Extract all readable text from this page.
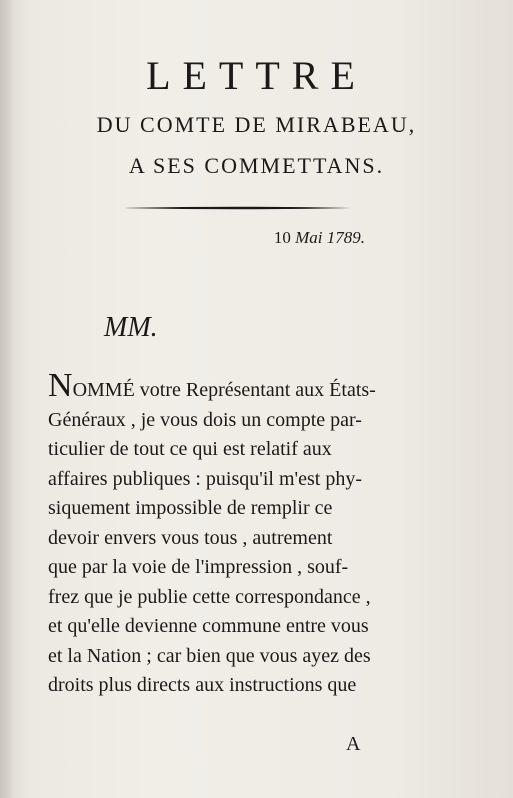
LETTRE
DU COMTE DE MIRABEAU,
A SES COMMETTANS.
10 Mai 1789.
MM.
N OMMÉ votre Représentant aux États-
Généraux , je vous dois un compte par-
ticulier de tout ce qui est relatif aux
affaires publiques : puisqu'il m'est phy-
siquement impossible de remplir ce
devoir envers vous tous , autrement
que par la voie de l'impression , souf-
frez que je publie cette correspondance ,
et qu'elle devienne commune entre vous
et la Nation ; car bien que vous ayez des
droits plus directs aux instructions que
A
